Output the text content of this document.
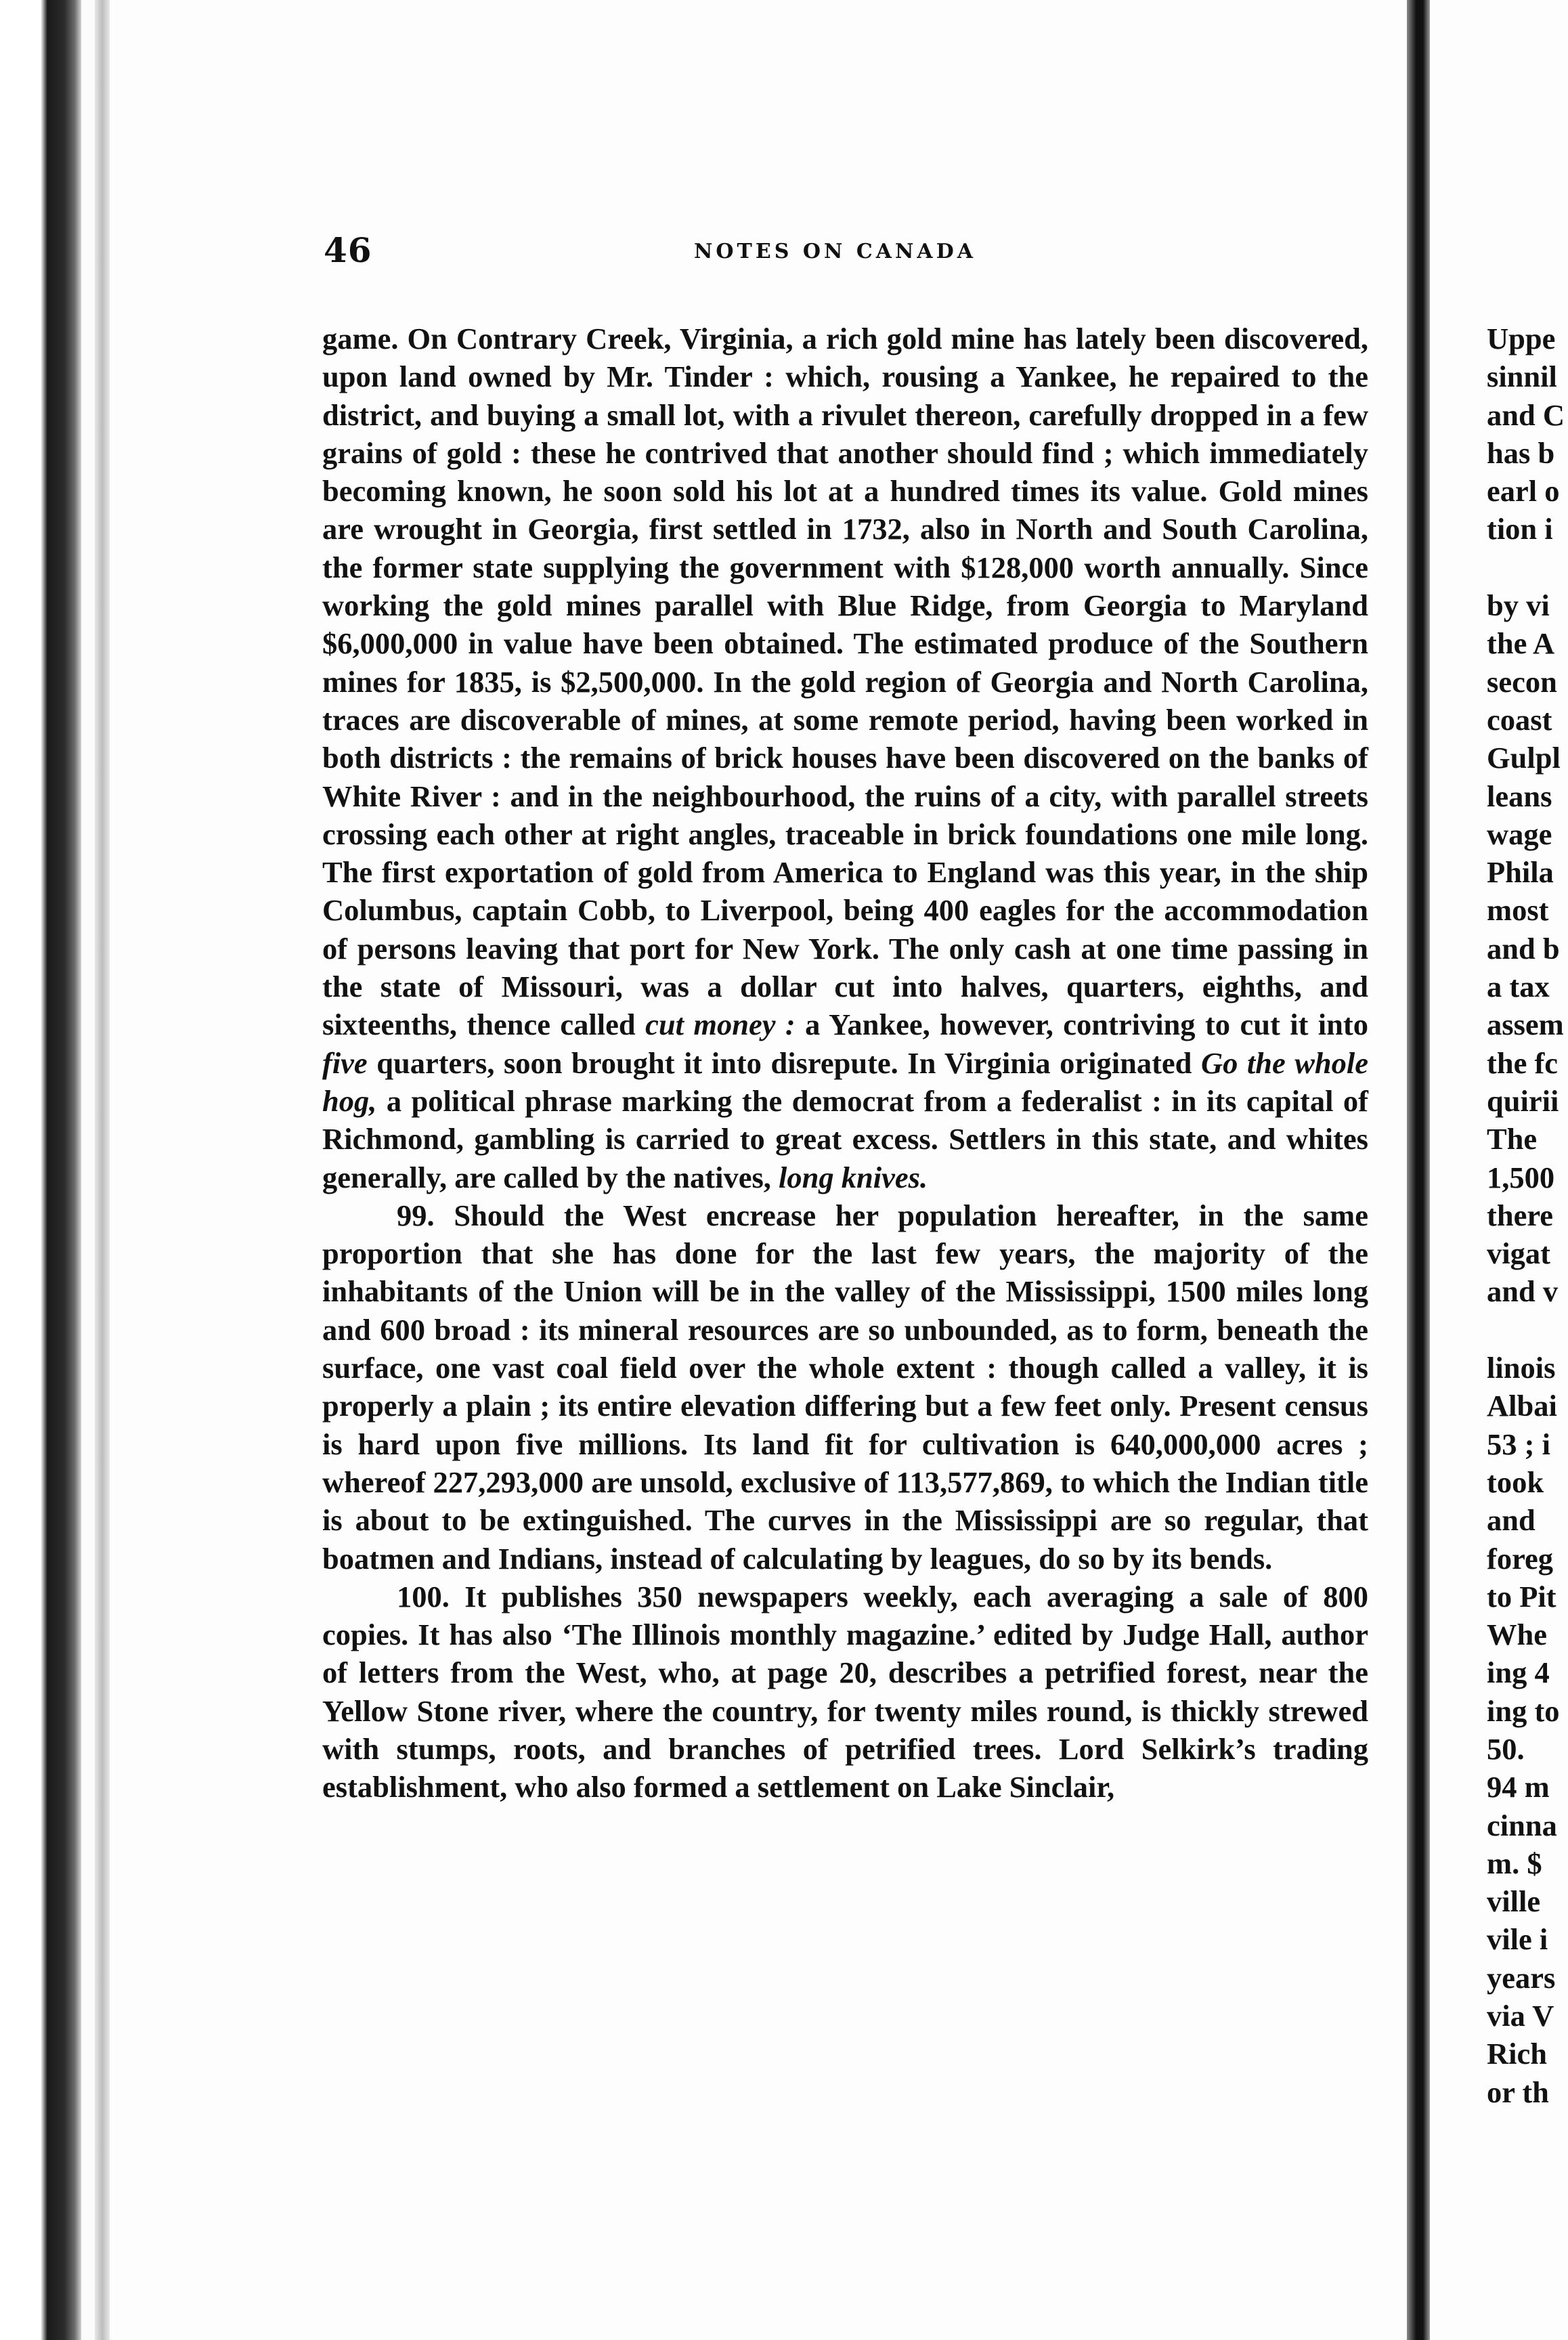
46	NOTES ON CANADA

game. On Contrary Creek, Virginia, a rich gold mine has lately been discovered, upon land owned by Mr. Tinder : which, rousing a Yankee, he repaired to the district, and buying a small lot, with a rivulet thereon, carefully dropped in a few grains of gold : these he contrived that another should find ; which immediately becoming known, he soon sold his lot at a hundred times its value. Gold mines are wrought in Georgia, first settled in 1732, also in North and South Carolina, the former state supplying the government with $128,000 worth annually. Since working the gold mines parallel with Blue Ridge, from Georgia to Maryland $6,000,000 in value have been obtained. The estimated produce of the Southern mines for 1835, is $2,500,000. In the gold region of Georgia and North Carolina, traces are discoverable of mines, at some remote period, having been worked in both districts : the remains of brick houses have been discovered on the banks of White River : and in the neighbourhood, the ruins of a city, with parallel streets crossing each other at right angles, traceable in brick foundations one mile long. The first exportation of gold from America to England was this year, in the ship Columbus, captain Cobb, to Liverpool, being 400 eagles for the accommodation of persons leaving that port for New York. The only cash at one time passing in the state of Missouri, was a dollar cut into halves, quarters, eighths, and sixteenths, thence called cut money : a Yankee, however, contriving to cut it into five quarters, soon brought it into disrepute. In Virginia originated Go the whole hog, a political phrase marking the democrat from a federalist : in its capital of Richmond, gambling is carried to great excess. Settlers in this state, and whites generally, are called by the natives, long knives.

99. Should the West encrease her population hereafter, in the same proportion that she has done for the last few years, the majority of the inhabitants of the Union will be in the valley of the Mississippi, 1500 miles long and 600 broad : its mineral resources are so unbounded, as to form, beneath the surface, one vast coal field over the whole extent : though called a valley, it is properly a plain ; its entire elevation differing but a few feet only. Present census is hard upon five millions. Its land fit for cultivation is 640,000,000 acres ; whereof 227,293,000 are unsold, exclusive of 113,577,869, to which the Indian title is about to be extinguished. The curves in the Mississippi are so regular, that boatmen and Indians, instead of calculating by leagues, do so by its bends.

100. It publishes 350 newspapers weekly, each averaging a sale of 800 copies. It has also ‘The Illinois monthly magazine.’ edited by Judge Hall, author of letters from the West, who, at page 20, describes a petrified forest, near the Yellow Stone river, where the country, for twenty miles round, is thickly strewed with stumps, roots, and branches of petrified trees. Lord Selkirk’s trading establishment, who also formed a settlement on Lake Sinclair,

Uppe
sinnil
and C
has b
earl o
tion i
by vi
the A
secon
coast
Gulpl
leans
wage
Phila
most
and b
a tax
assem
the fc
quirii
The
1,500
there
vigat
and v
linois
Albai
53 ; i
took
and
foreg
to Pit
Whe
ing 4
ing to
50.
94 m
cinna
m. $
ville
vile i
years
via V
Rich
or th
